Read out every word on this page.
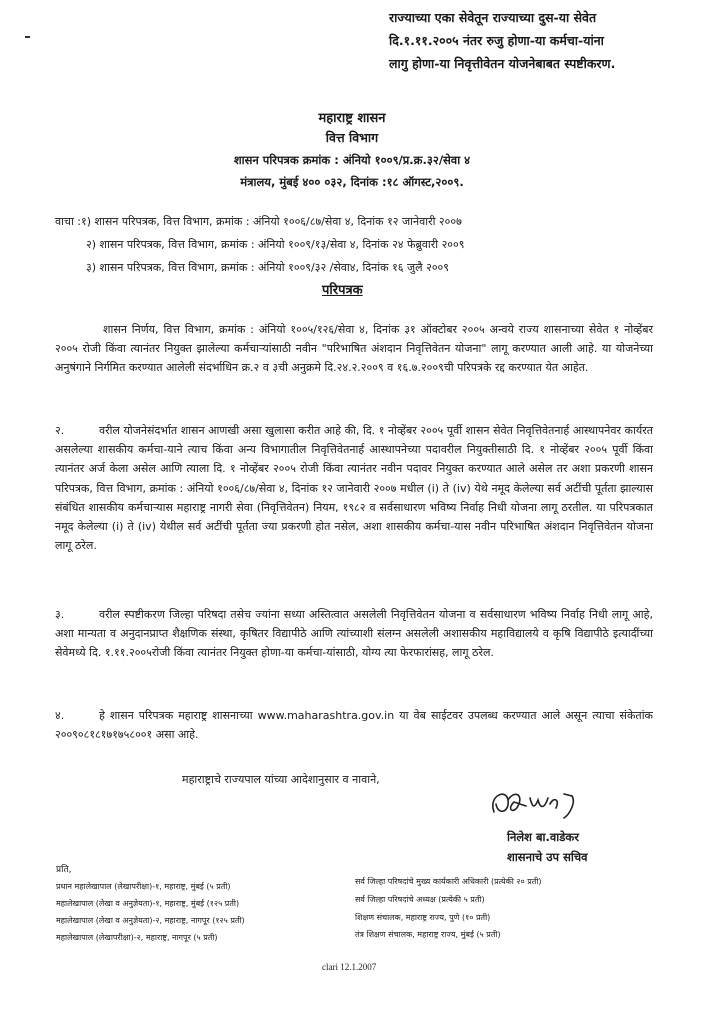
राज्याच्या एका सेवेतून राज्याच्या दुस-या सेवेत
दि.१.११.२००५ नंतर रुजु होणा-या कर्मचा-यांना
लागु होणा-या निवृत्तीवेतन योजनेबाबत स्पष्टीकरण.
महाराष्ट्र शासन
वित्त विभाग
शासन परिपत्रक क्रमांक : अंनियो १००९/प्र.क्र.३२/सेवा ४
मंत्रालय, मुंबई ४०० ०३२, दिनांक :१८ ऑगस्ट,२००९.
वाचा :१) शासन परिपत्रक, वित्त विभाग, क्रमांक : अंनियो १००६/८७/सेवा ४, दिनांक १२ जानेवारी २००७
२) शासन परिपत्रक, वित्त विभाग, क्रमांक : अंनियो १००९/१३/सेवा ४, दिनांक २४ फेब्रुवारी २००९
३) शासन परिपत्रक, वित्त विभाग, क्रमांक : अंनियो १००९/३२ /सेवा४, दिनांक १६ जुलै २००९
परिपत्रक
शासन निर्णय, वित्त विभाग, क्रमांक : अंनियो १००५/१२६/सेवा ४, दिनांक ३१ ऑक्टोबर २००५ अन्वये राज्य शासनाच्या सेवेत १ नोव्हेंबर २००५ रोजी किंवा त्यानंतर नियुक्त झालेल्या कर्मचाऱ्यांसाठी नवीन "परिभाषित अंशदान निवृत्तिवेतन योजना" लागू करण्यात आली आहे. या योजनेच्या अनुषंगाने निर्गमित करण्यात आलेली संदर्भाधिन क्र.२ व ३ची अनुक्रमे दि.२४.२.२००९ व १६.७.२००९ची परिपत्रके रद्द करण्यात येत आहेत.
२.	वरील योजनेसंदर्भात शासन आणखी असा खुलासा करीत आहे की, दि. १ नोव्हेंबर २००५ पूर्वी शासन सेवेत निवृत्तिवेतनार्ह आस्थापनेवर कार्यरत असलेल्या शासकीय कर्मचा-याने त्याच किंवा अन्य विभागातील निवृत्तिवेतनार्ह आस्थापनेच्या पदावरील नियुक्तीसाठी दि. १ नोव्हेंबर २००५ पूर्वी किंवा त्यानंतर अर्ज केला असेल आणि त्याला दि. १ नोव्हेंबर २००५ रोजी किंवा त्यानंतर नवीन पदावर नियुक्त करण्यात आले असेल तर अशा प्रकरणी शासन परिपत्रक, वित्त विभाग, क्रमांक : अंनियो १००६/८७/सेवा ४, दिनांक १२ जानेवारी २००७ मधील (i) ते (iv) येथे नमूद केलेल्या सर्व अटींची पूर्तता झाल्यास संबंधित शासकीय कर्मचाऱ्यास महाराष्ट्र नागरी सेवा (निवृत्तिवेतन) नियम, १९८२ व सर्वसाधारण भविष्य निर्वाह निधी योजना लागू ठरतील. या परिपत्रकात नमूद केलेल्या (i) ते (iv) येथील सर्व अटींची पूर्तता ज्या प्रकरणी होत नसेल, अशा शासकीय कर्मचा-यास नवीन परिभाषित अंशदान निवृत्तिवेतन योजना लागू ठरेल.
३.	वरील स्पष्टीकरण जिल्हा परिषदा तसेच ज्यांना सध्या अस्तित्वात असलेली निवृत्तिवेतन योजना व सर्वसाधारण भविष्य निर्वाह निधी लागू आहे, अशा मान्यता व अनुदानप्राप्त शैक्षणिक संस्था, कृषितर विद्यापीठे आणि त्यांच्याशी संलग्न असलेली अशासकीय महाविद्यालये व कृषि विद्यापीठे इत्यादींच्या सेवेमध्ये दि. १.११.२००५रोजी किंवा त्यानंतर नियुक्त होणा-या कर्मचा-यांसाठी, योग्य त्या फेरफारांसह, लागू ठरेल.
४.	हे शासन परिपत्रक महाराष्ट्र शासनाच्या www.maharashtra.gov.in या वेब साईटवर उपलब्ध करण्यात आले असून त्याचा संकेतांक २००९०८१८१७१७५८००१ असा आहे.
महाराष्ट्राचे राज्यपाल यांच्या आदेशानुसार व नावाने,
निलेश बा.वाडेकर
शासनाचे उप सचिव
प्रति,
प्रधान महालेखापाल (लेखापरीक्षा)-१, महाराष्ट्र, मुंबई (५ प्रती)
महालेखापाल (लेखा व अनुज्ञेयता)-१, महाराष्ट्र, मुंबई (१२५ प्रती)
महालेखापाल (लेखा व अनुज्ञेयता)-२, महाराष्ट्र, नागपूर (१२५ प्रती)
महालेखापाल (लेखापरीक्षा)-२, महाराष्ट्र, नागपूर (५ प्रती)
सर्व जिल्हा परिषदांचे मुख्य कार्यकारी अधिकारी (प्रत्येकी २० प्रती)
सर्व जिल्हा परिषदांचे अध्यक्ष (प्रत्येकी ५ प्रती)
शिक्षण संचालक, महाराष्ट्र राज्य, पुणे (१० प्रती)
तंत्र शिक्षण संचालक, महाराष्ट्र राज्य, मुंबई (५ प्रती)
clari 12.1.2007
